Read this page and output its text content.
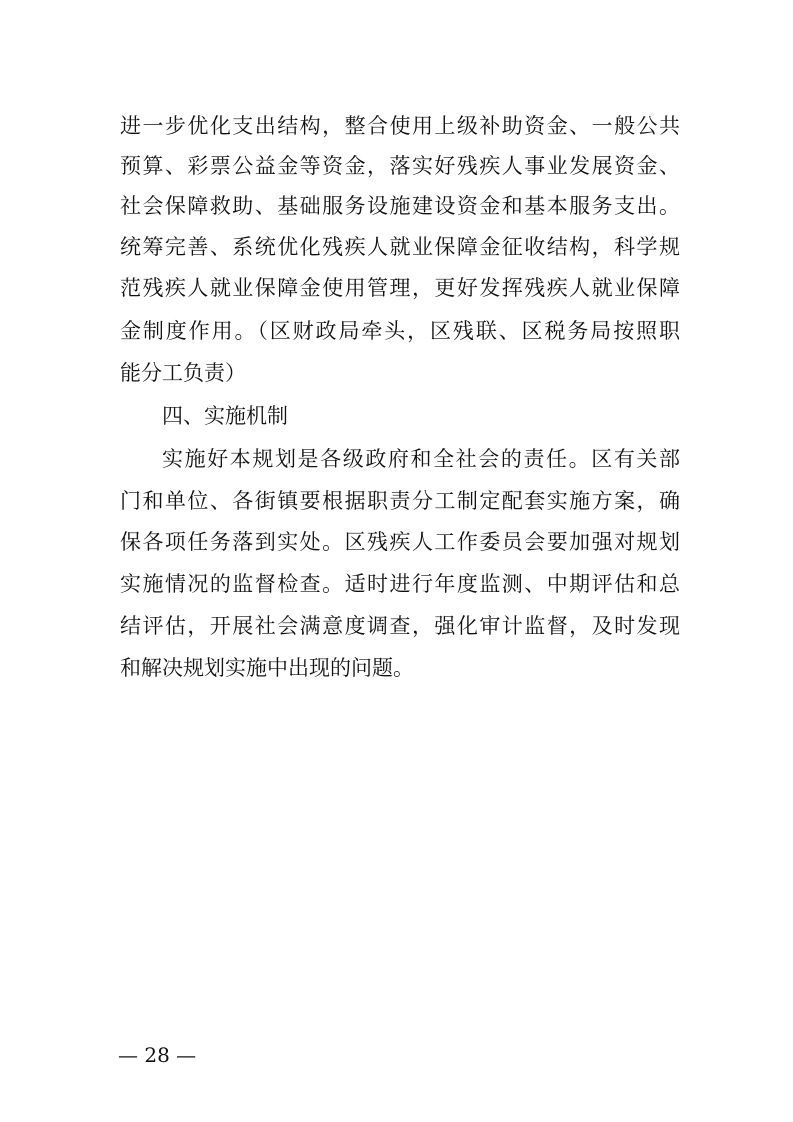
进一步优化支出结构，整合使用上级补助资金、一般公共
预算、彩票公益金等资金，落实好残疾人事业发展资金、
社会保障救助、基础服务设施建设资金和基本服务支出。
统筹完善、系统优化残疾人就业保障金征收结构，科学规
范残疾人就业保障金使用管理，更好发挥残疾人就业保障
金制度作用。（区财政局牵头，区残联、区税务局按照职
能分工负责）
四、实施机制
实施好本规划是各级政府和全社会的责任。区有关部
门和单位、各街镇要根据职责分工制定配套实施方案，确
保各项任务落到实处。区残疾人工作委员会要加强对规划
实施情况的监督检查。适时进行年度监测、中期评估和总
结评估，开展社会满意度调查，强化审计监督，及时发现
和解决规划实施中出现的问题。
— 28 —
